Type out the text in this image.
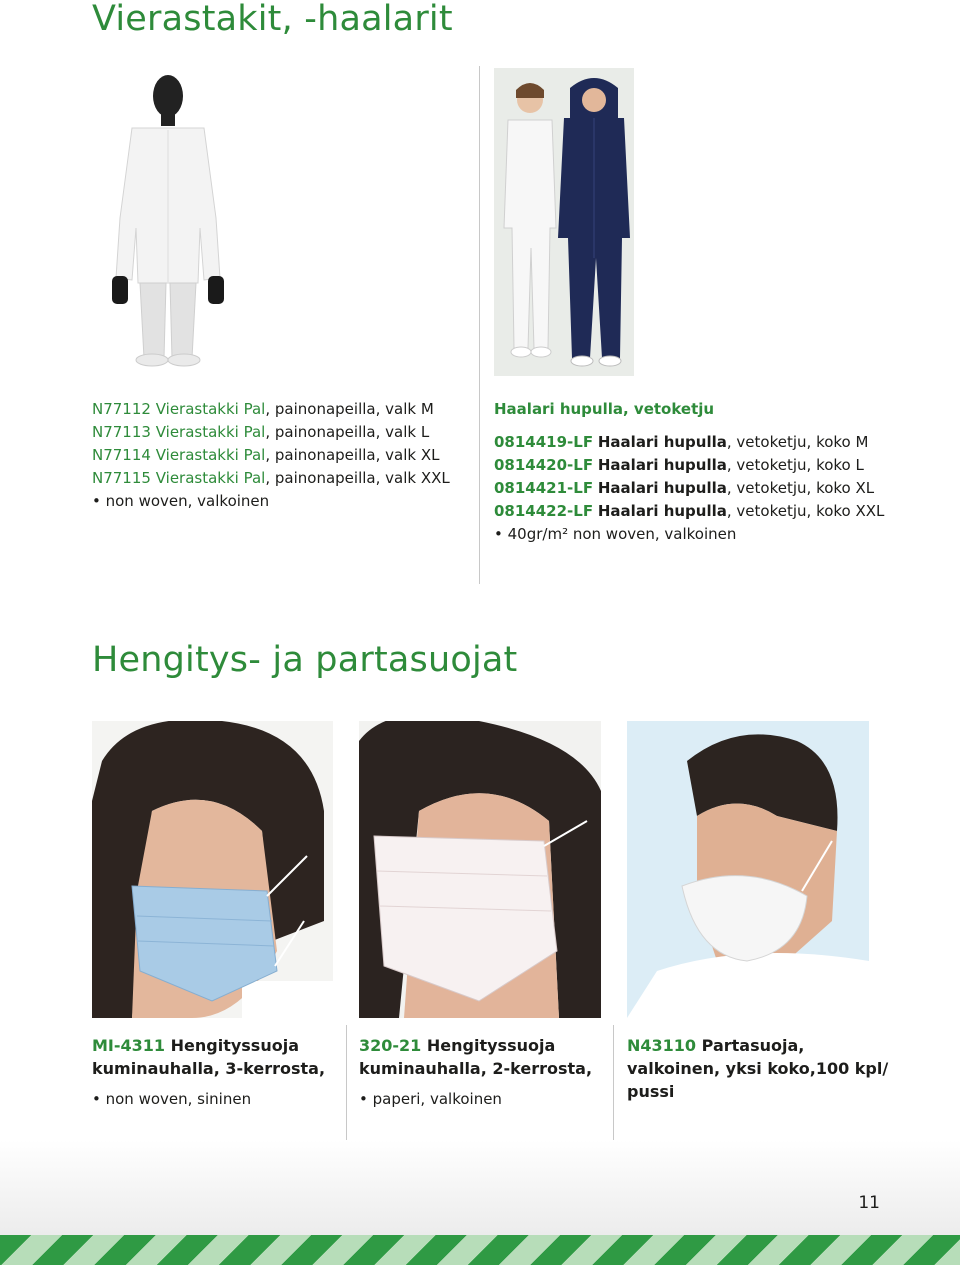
Vierastakit, -haalarit
N77112 Vierastakki Pal, painonapeilla, valk M
N77113 Vierastakki Pal, painonapeilla, valk L
N77114 Vierastakki Pal, painonapeilla, valk XL
N77115 Vierastakki Pal, painonapeilla, valk XXL
• non woven, valkoinen
Haalari hupulla, vetoketju
0814419-LF Haalari hupulla, vetoketju, koko M
0814420-LF Haalari hupulla, vetoketju, koko L
0814421-LF Haalari hupulla, vetoketju, koko XL
0814422-LF Haalari hupulla, vetoketju, koko XXL
• 40gr/m² non woven, valkoinen
Hengitys- ja partasuojat
MI-4311 Hengityssuoja
kuminauhalla, 3-kerrosta,
• non woven, sininen
320-21 Hengityssuoja
kuminauhalla, 2-kerrosta,
• paperi, valkoinen
N43110 Partasuoja,
valkoinen, yksi koko,100 kpl/
pussi
11
